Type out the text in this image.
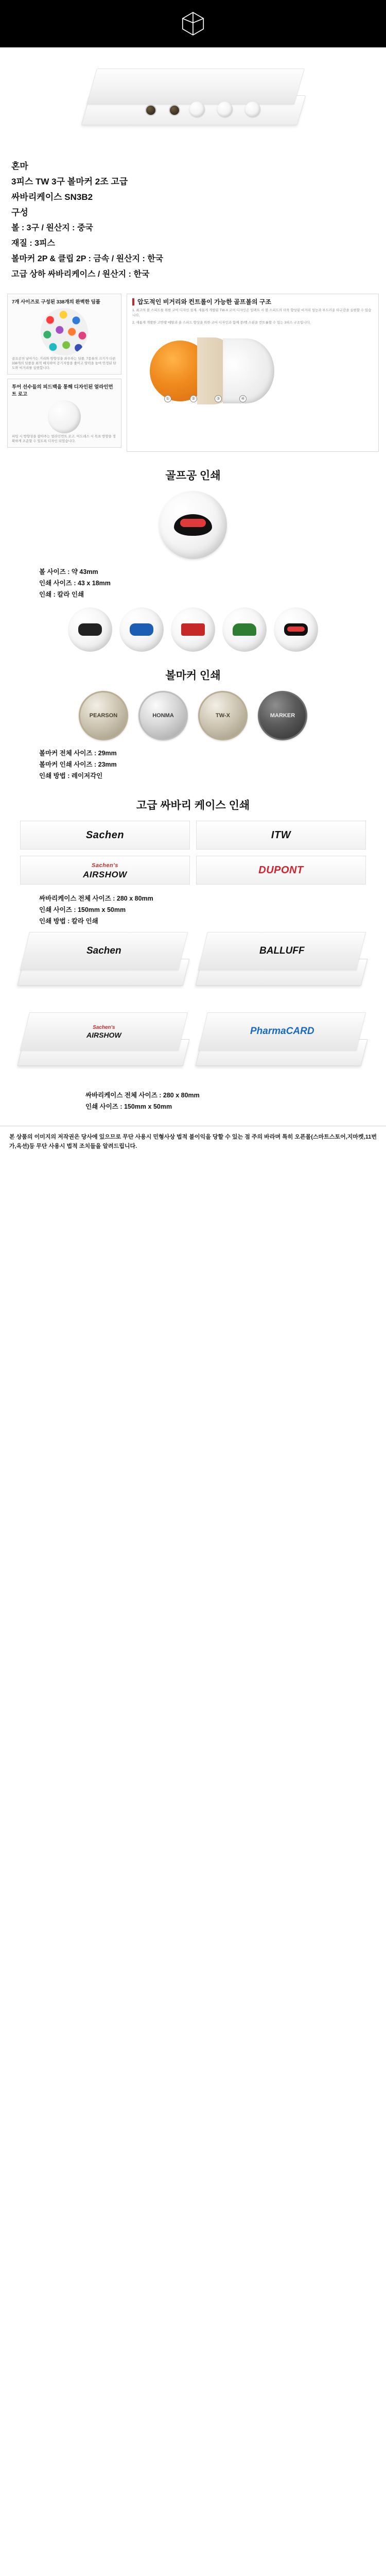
혼마
3피스 TW 3구 볼마커 2조 고급
싸바리케이스 SN3B2
구성
볼 : 3구 / 원산지 : 중국
재질 : 3피스
볼마커 2P & 클립 2P : 금속 / 원산지 : 한국
고급 상하 싸바리케이스 / 원산지 : 한국
7개 사이즈로 구성된 338개의 완벽한 딤플

골프공의 날아가는 거리와 방향성을 좌우하는 딤플. 7종류의 크기가 다른 338개의 딤플을 최적 배치하여 공기저항을 줄이고 양력을 높여 안정된 탄도와 비거리를 실현합니다.

투어 선수들의 피드백을 통해 디자인된 얼라인먼트 로고

퍼팅 시 방향성을 잡아주는 얼라인먼트 로고. 어드레스 시 목표 방향을 정확하게 조준할 수 있도록 디자인 되었습니다.

압도적인 비거리와 컨트롤이 가능한 골프볼의 구조

1. 최고의 볼 스피드를 위한 코어 디자인 설계. 새롭게 개발된 TW-X 코어 디자인은 임팩트 시 볼 스피드의 더욱 향상된 비거리 성능과 부드러운 타구감을 실현할 수 있습니다.

2. 새롭게 개발한 고반발 메탈과 솔 스피드 향상을 위한 코어 디자인과 함께 중/백 스핀을 컨트롤할 수 있는 3피스 구조입니다.

①	②	③	④
골프공 인쇄
볼 사이즈 : 약 43mm
인쇄 사이즈 : 43 x 18mm
인쇄 : 칼라 인쇄
볼마커 인쇄
PEARSON	HONMA	TW-X	MARKER
볼마커 전체 사이즈 : 29mm
볼마커 인쇄 사이즈 : 23mm
인쇄 방법 : 레이저각인
고급 싸바리 케이스 인쇄
Sachen	ITW
Sachen's
AIRSHOW	DUPONT
싸바리케이스 전체 사이즈 : 280 x 80mm
인쇄 사이즈 : 150mm x 50mm
인쇄 방법 : 칼라 인쇄
Sachen	BALLUFF
Sachen's
AIRSHOW	PharmaCARD
싸바리케이스 전체 사이즈 : 280 x 80mm
인쇄 사이즈 : 150mm x 50mm
본 상품의 이미지의 저작권은 당사에 있으므로 무단 사용시 민형사상 법적 불이익을 당할 수 있는 점 주의 바라며 특히 오픈몰(스마트스토어,지마켓,11번가,옥션)등 무단 사용시 법적 조치들을 알려드립니다.
